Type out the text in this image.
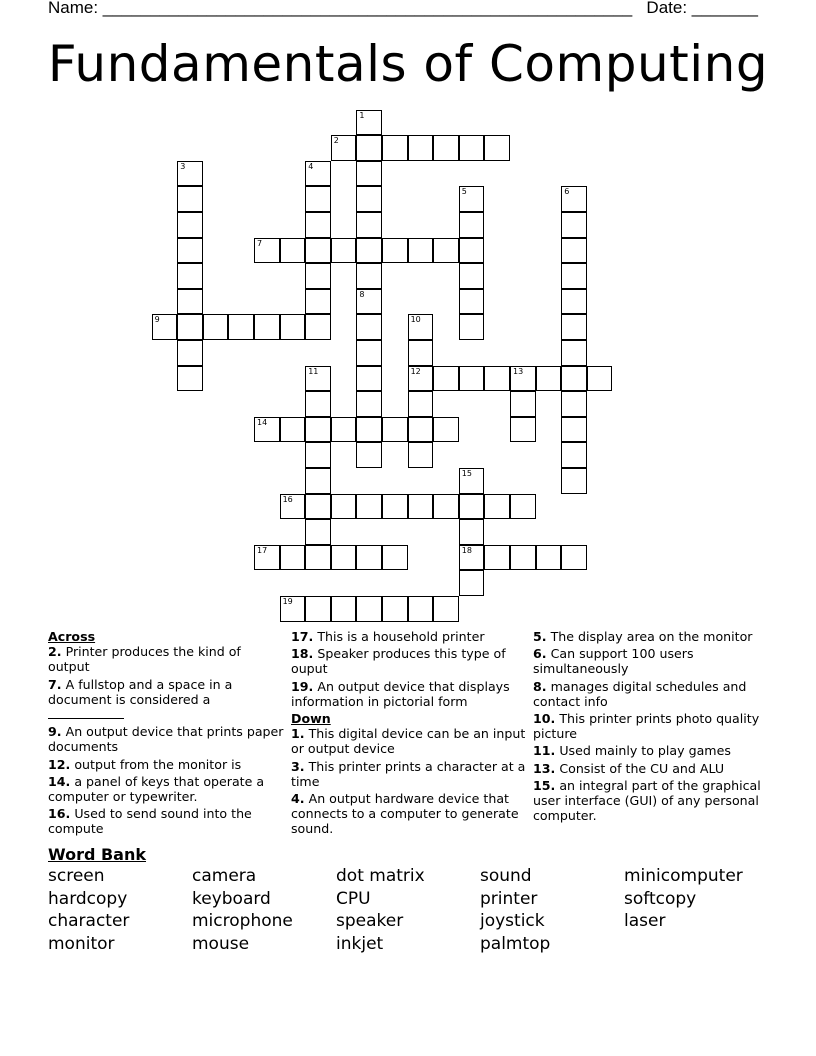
Name: ________________________________________________________   Date: _______
Fundamentals of Computing
2
7
9
12	13
14
16
17	18
19
1
3	4
5	6
8
10
11
15
Across
2. Printer produces the kind of output
7. A fullstop and a space in a document is considered a

9. An output device that prints paper documents
12. output from the monitor is
14. a panel of keys that operate a computer or typewriter.
16. Used to send sound into the compute
17. This is a household printer
18. Speaker produces this type of ouput
19. An output device that displays information in pictorial form
Down
1. This digital device can be an input or output device
3. This printer prints a character at a time
4. An output hardware device that connects to a computer to generate sound.
5. The display area on the monitor
6. Can support 100 users simultaneously
8. manages digital schedules and contact info
10. This printer prints photo quality picture
11. Used mainly to play games
13. Consist of the CU and ALU
15. an integral part of the graphical user interface (GUI) of any personal computer.
Word Bank
screen	camera	dot matrix	sound	minicomputer
hardcopy	keyboard	CPU	printer	softcopy
character	microphone	speaker	joystick	laser
monitor	mouse	inkjet	palmtop
